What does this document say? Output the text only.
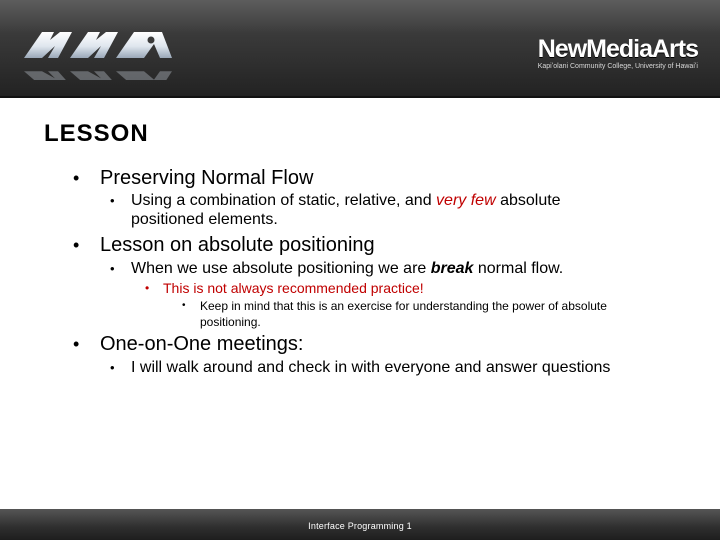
NewMediaArts
Kapiʻolani Community College, University of Hawaiʻi
LESSON
• Preserving Normal Flow

• Using a combination of static, relative, and very few absolute

positioned elements.

• Lesson on absolute positioning

• When we use absolute positioning we are break normal flow.

• This is not always recommended practice!

• Keep in mind that this is an exercise for understanding the power of absolute

positioning.

• One-on-One meetings:

• I will walk around and check in with everyone and answer questions

Interface Programming 1
